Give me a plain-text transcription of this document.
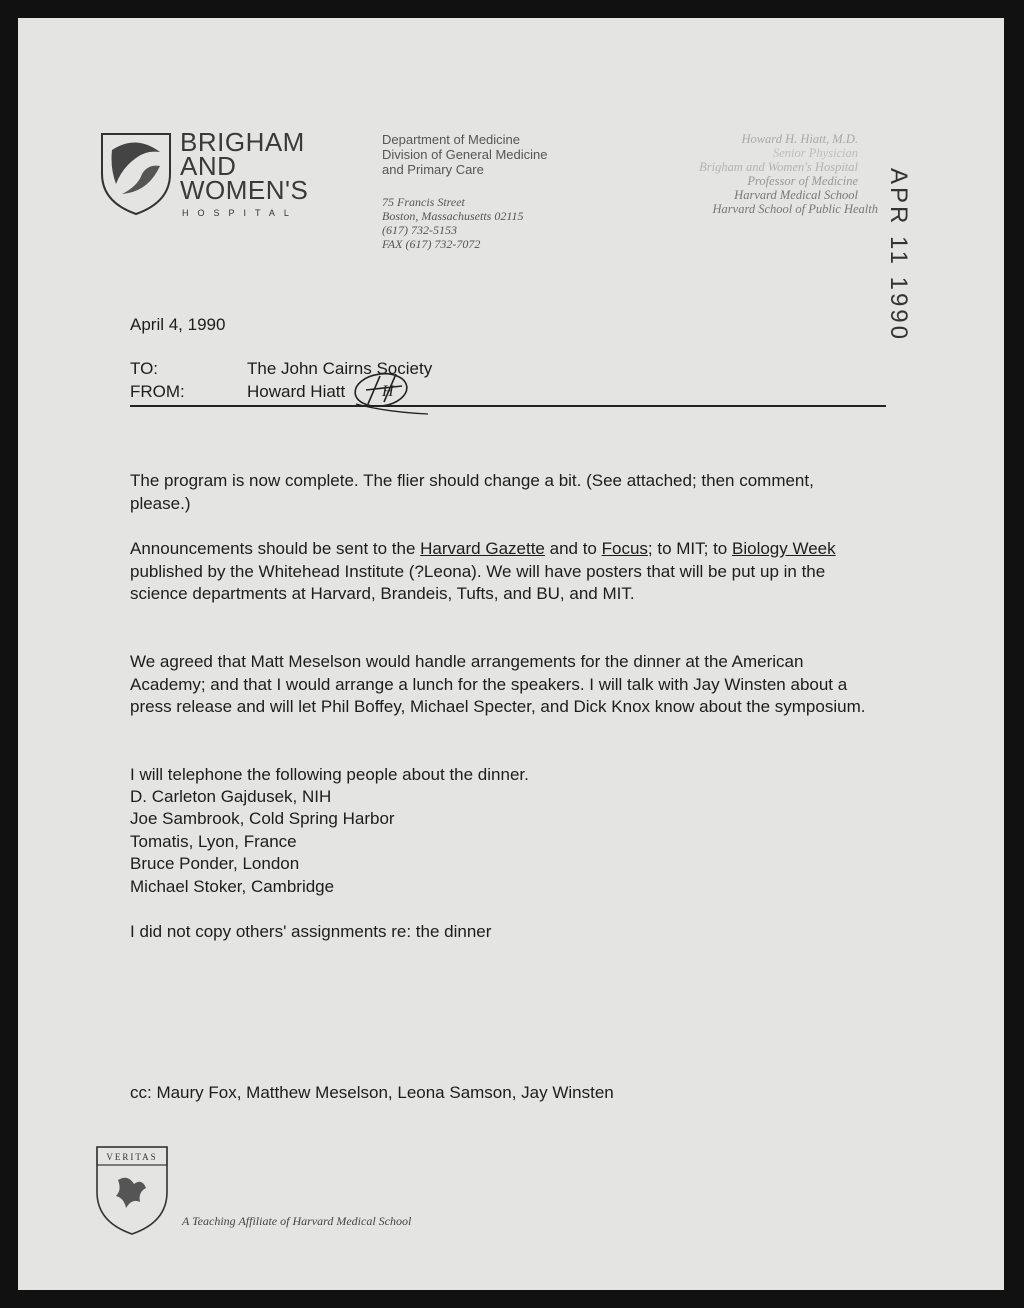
BRIGHAM
AND
WOMEN'S
HOSPITAL
Department of Medicine
Division of General Medicine
and Primary Care
75 Francis Street
Boston, Massachusetts 02115
(617) 732-5153
FAX (617) 732-7072
Howard H. Hiatt, M.D.
Senior Physician
Brigham and Women's Hospital
Professor of Medicine
Harvard Medical School
Harvard School of Public Health APR 11 1990
April 4, 1990
TO:	The John Cairns Society
FROM:	Howard Hiatt H
The program is now complete. The flier should change a bit. (See attached; then comment, please.)
Announcements should be sent to the Harvard Gazette and to Focus; to MIT; to Biology Week published by the Whitehead Institute (?Leona). We will have posters that will be put up in the science departments at Harvard, Brandeis, Tufts, and BU, and MIT.
We agreed that Matt Meselson would handle arrangements for the dinner at the American Academy; and that I would arrange a lunch for the speakers. I will talk with Jay Winsten about a press release and will let Phil Boffey, Michael Specter, and Dick Knox know about the symposium.
I will telephone the following people about the dinner.
D. Carleton Gajdusek, NIH
Joe Sambrook, Cold Spring Harbor
Tomatis, Lyon, France
Bruce Ponder, London
Michael Stoker, Cambridge
I did not copy others' assignments re: the dinner
cc: Maury Fox, Matthew Meselson, Leona Samson, Jay Winsten
VERITAS
A Teaching Affiliate of Harvard Medical School
